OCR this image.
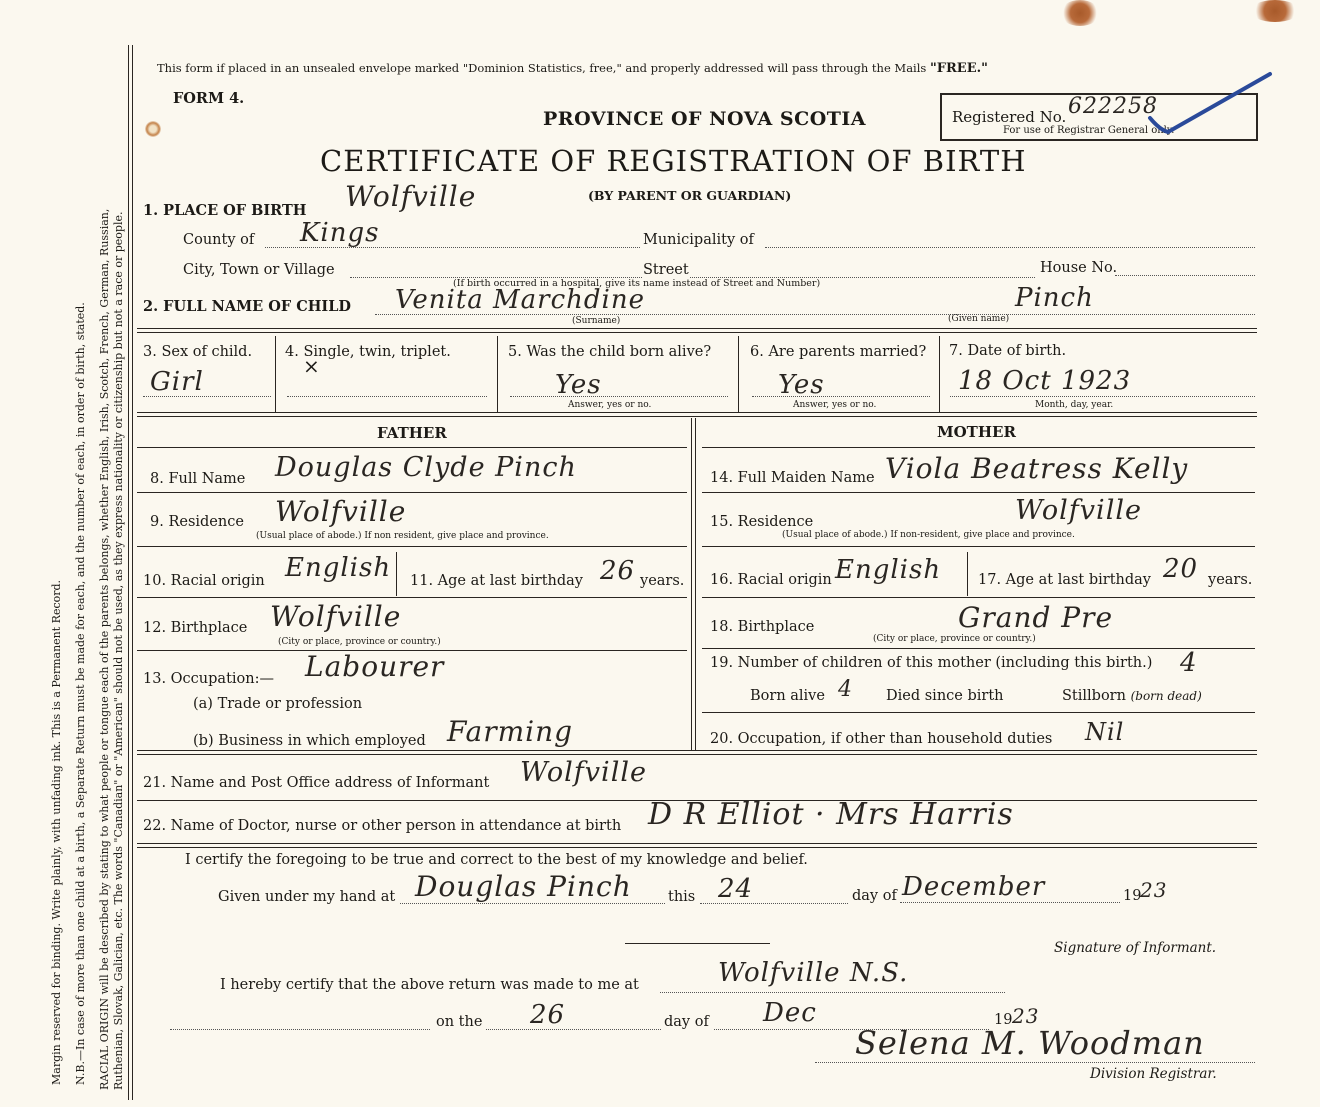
Margin reserved for binding. Write plainly, with unfading ink. This is a Permanent Record. N.B.—In case of more than one child at a birth, a Separate Return must be made for each, and the number of each, in order of birth, stated. RACIAL ORIGIN will be described by stating to what people or tongue each of the parents belongs, whether English, Irish, Scotch, French, German, Russian, Ruthenian, Slovak, Galician, etc. The words "Canadian" or "American" should not be used, as they express nationality or citizenship but not a race or people.
This form if placed in an unsealed envelope marked "Dominion Statistics, free," and properly addressed will pass through the Mails "FREE."
FORM 4.
PROVINCE OF NOVA SCOTIA
CERTIFICATE OF REGISTRATION OF BIRTH
(BY PARENT OR GUARDIAN)
Registered No. 622258
For use of Registrar General only.
1. PLACE OF BIRTH Wolfville
County of Kings	Municipality of
City, Town or Village	Street	House No.
(If birth occurred in a hospital, give its name instead of Street and Number)
2. FULL NAME OF CHILD Venita Marchdine	Pinch
(Surname)	(Given name)
3. Sex of child.
Girl
4. Single, twin, triplet.
×
5. Was the child born alive?
Yes
Answer, yes or no.
6. Are parents married?
Yes
Answer, yes or no.
7. Date of birth.
18 Oct 1923
Month, day, year.
FATHER
8. Full Name Douglas Clyde Pinch
9. Residence Wolfville
(Usual place of abode.) If non resident, give place and province.
10. Racial origin English 11. Age at last birthday 26 years.
12. Birthplace Wolfville
(City or place, province or country.)
13. Occupation:— Labourer
(a) Trade or profession
(b) Business in which employed Farming
MOTHER
14. Full Maiden Name Viola Beatress Kelly
15. Residence	Wolfville
(Usual place of abode.) If non-resident, give place and province.
16. Racial origin English	17. Age at last birthday 20 years.
18. Birthplace	Grand Pre
(City or place, province or country.)
19. Number of children of this mother (including this birth.) 4
Born alive 4 Died since birth	Stillborn (born dead)
20. Occupation, if other than household duties Nil
21. Name and Post Office address of Informant Wolfville
22. Name of Doctor, nurse or other person in attendance at birth D R Elliot · Mrs Harris
I certify the foregoing to be true and correct to the best of my knowledge and belief.
Given under my hand at Douglas Pinch	this 24	day of December	19
23
Signature of Informant.
I hereby certify that the above return was made to me at	Wolfville N.S.
on the 26	day of Dec	19 23
Selena M. Woodman
Division Registrar.
